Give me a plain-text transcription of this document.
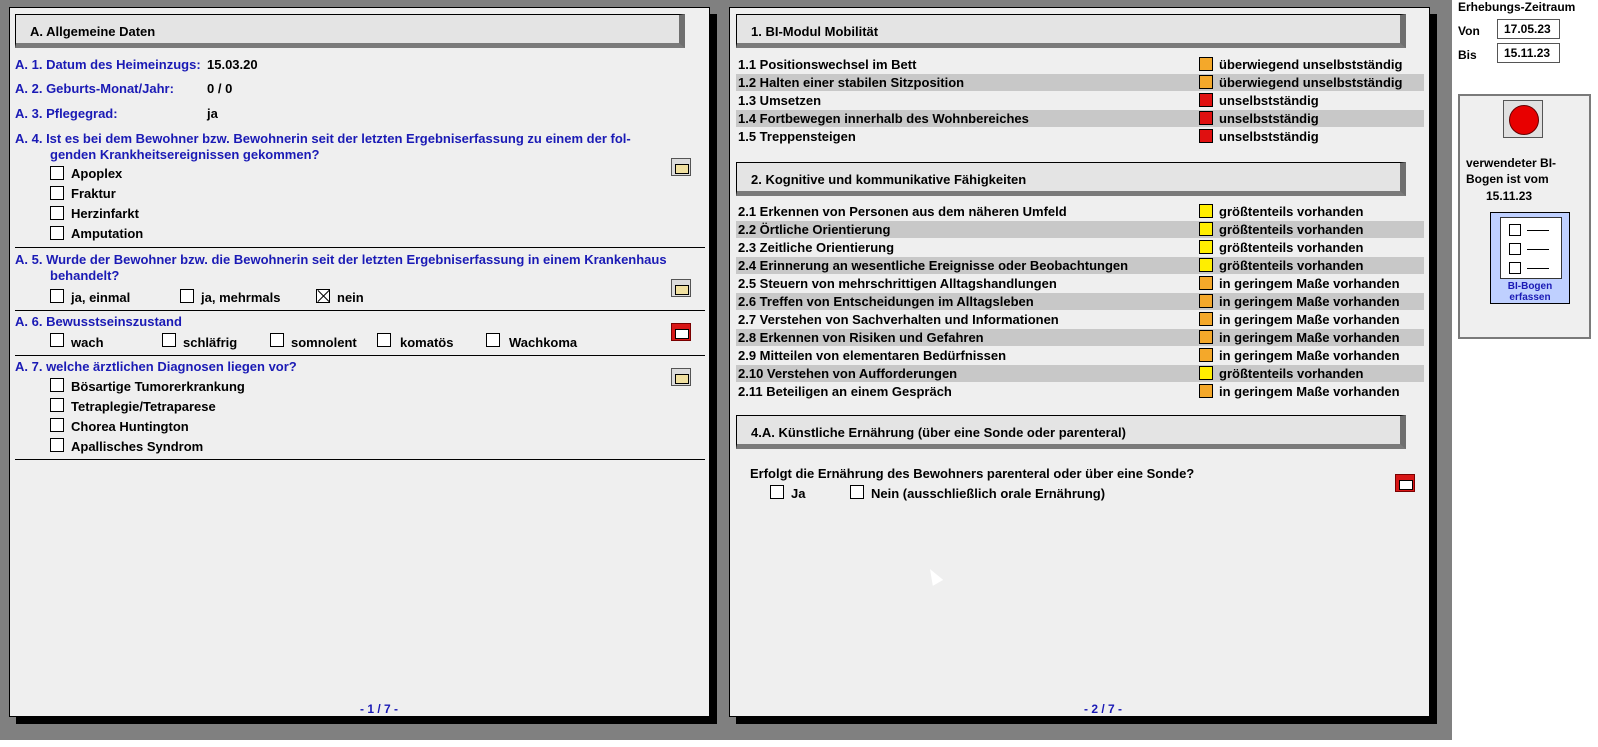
A. Allgemeine Daten
A. 1. Datum des Heimeinzugs: 15.03.20
A. 2. Geburts-Monat/Jahr:	0 / 0
A. 3. Pflegegrad:	ja
A. 4. Ist es bei dem Bewohner bzw. Bewohnerin seit der letzten Ergebniserfassung zu einem der fol-
genden Krankheitsereignissen gekommen?
Apoplex
Fraktur
Herzinfarkt
Amputation
A. 5. Wurde der Bewohner bzw. die Bewohnerin seit der letzten Ergebniserfassung in einem Krankenhaus
behandelt?
ja, einmal	ja, mehrmals	nein
A. 6. Bewusstseinszustand
wach	schläfrig	somnolent	komatös	Wachkoma
A. 7. welche ärztlichen Diagnosen liegen vor?
Bösartige Tumorerkrankung
Tetraplegie/Tetraparese
Chorea Huntington
Apallisches Syndrom
- 1 / 7 -
1. BI-Modul Mobilität
1.1 Positionswechsel im Bett	überwiegend unselbstständig
1.2 Halten einer stabilen Sitzposition	überwiegend unselbstständig
1.3 Umsetzen	unselbstständig
1.4 Fortbewegen innerhalb des Wohnbereiches	unselbstständig
1.5 Treppensteigen	unselbstständig
2. Kognitive und kommunikative Fähigkeiten
2.1 Erkennen von Personen aus dem näheren Umfeld	größtenteils vorhanden
2.2 Örtliche Orientierung	größtenteils vorhanden
2.3 Zeitliche Orientierung	größtenteils vorhanden
2.4 Erinnerung an wesentliche Ereignisse oder Beobachtungen	größtenteils vorhanden
2.5 Steuern von mehrschrittigen Alltagshandlungen	in geringem Maße vorhanden
2.6 Treffen von Entscheidungen im Alltagsleben	in geringem Maße vorhanden
2.7 Verstehen von Sachverhalten und Informationen	in geringem Maße vorhanden
2.8 Erkennen von Risiken und Gefahren	in geringem Maße vorhanden
2.9 Mitteilen von elementaren Bedürfnissen	in geringem Maße vorhanden
2.10 Verstehen von Aufforderungen	größtenteils vorhanden
2.11 Beteiligen an einem Gespräch	in geringem Maße vorhanden
4.A. Künstliche Ernährung (über eine Sonde oder parenteral)
Erfolgt die Ernährung des Bewohners parenteral oder über eine Sonde?
Ja	Nein (ausschließlich orale Ernährung)
- 2 / 7 -
Erhebungs-Zeitraum
Von	17.05.23
Bis	15.11.23
verwendeter BI-
Bogen ist vom
15.11.23
BI-Bogen
erfassen
